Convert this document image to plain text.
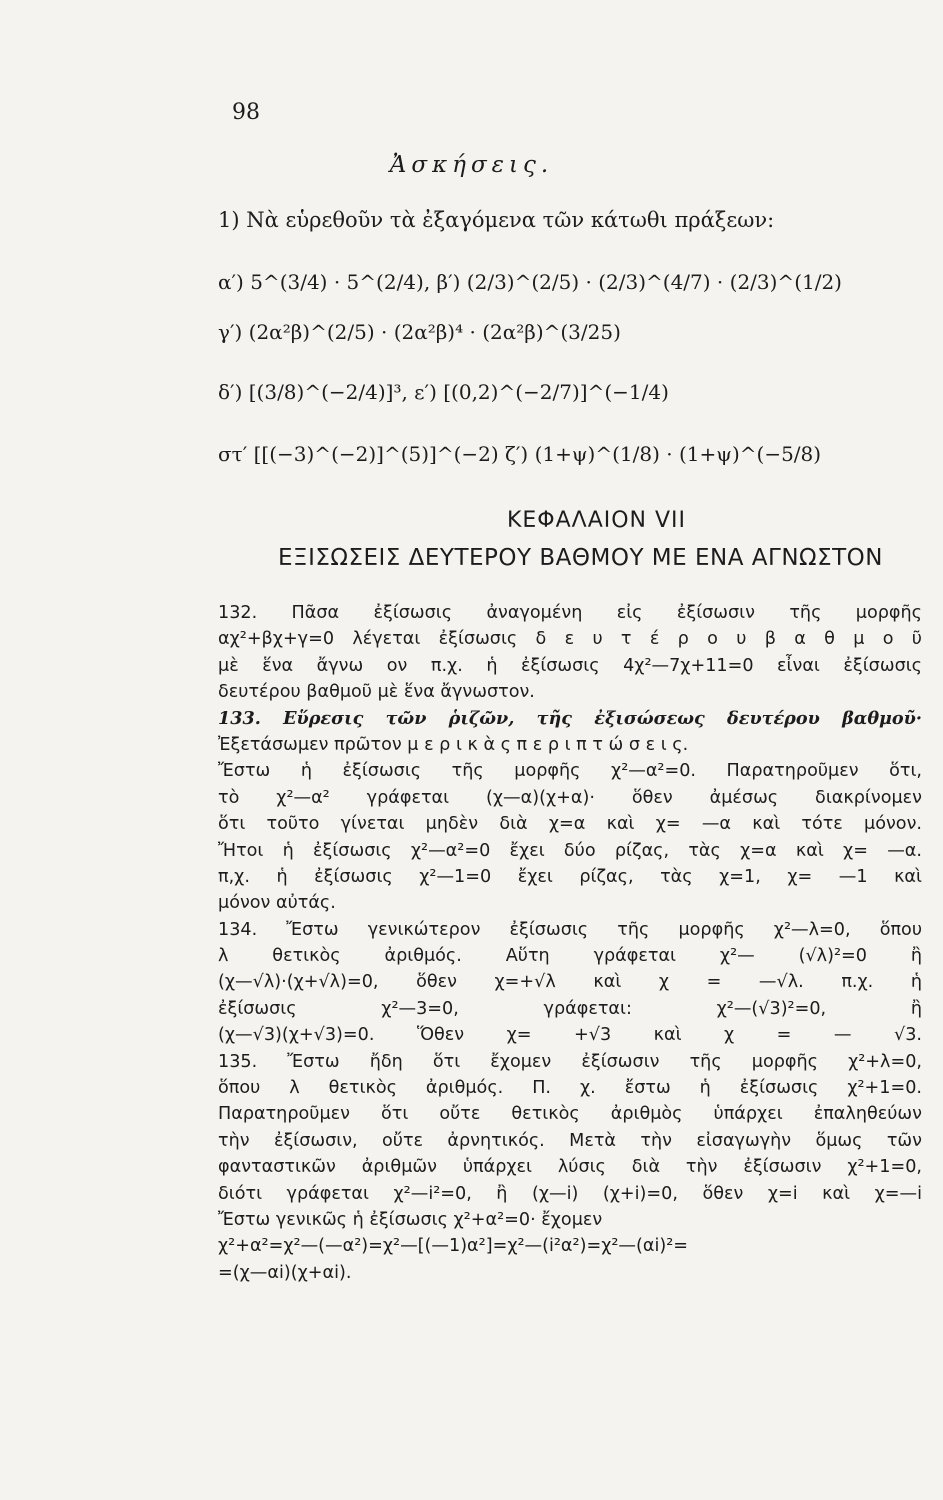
98
Ἀσκήσεις.
1) Νὰ εὑρεθοῦν τὰ ἐξαγόμενα τῶν κάτωθι πράξεων:
α′) 5^(3/4) · 5^(2/4), β′) (2/3)^(2/5) · (2/3)^(4/7) · (2/3)^(1/2)
γ′) (2α²β)^(2/5) · (2α²β)⁴ · (2α²β)^(3/25)
δ′) [(3/8)^(−2/4)]³, ε′) [(0,2)^(−2/7)]^(−1/4)
στ′ [[(−3)^(−2)]^(5)]^(−2) ζ′) (1+ψ)^(1/8) · (1+ψ)^(−5/8)
ΚΕΦΑΛΑΙΟΝ VII
ΕΞΙΣΩΣΕΙΣ ΔΕΥΤΕΡΟΥ ΒΑΘΜΟΥ ΜΕ ΕΝΑ ΑΓΝΩΣΤΟΝ
132. Πᾶσα ἐξίσωσις ἀναγομένη εἰς ἐξίσωσιν τῆς μορφῆς
αχ²+βχ+γ=0 λέγεται ἐξίσωσις δ ε υ τ έ ρ ο υ β α θ μ ο ῦ
μὲ ἕνα ἄγνω ον π.χ. ἡ ἐξίσωσις 4χ²—7χ+11=0 εἶναι ἐξίσωσις
δευτέρου βαθμοῦ μὲ ἕνα ἄγνωστον.
133. Εὕρεσις τῶν ῥιζῶν, τῆς ἐξισώσεως δευτέρου βαθμοῦ·
Ἐξετάσωμεν πρῶτον μ ε ρ ι κ ὰ ς π ε ρ ι π τ ώ σ ε ι ς.
Ἔστω ἡ ἐξίσωσις τῆς μορφῆς χ²—α²=0. Παρατηροῦμεν ὅτι,
τὸ χ²—α² γράφεται (χ—α)(χ+α)· ὅθεν ἀμέσως διακρίνομεν
ὅτι τοῦτο γίνεται μηδὲν διὰ χ=α καὶ χ= —α καὶ τότε μόνον.
Ἤτοι ἡ ἐξίσωσις χ²—α²=0 ἔχει δύο ρίζας, τὰς χ=α καὶ χ= —α.
π,χ. ἡ ἐξίσωσις χ²—1=0 ἔχει ρίζας, τὰς χ=1, χ= —1 καὶ
μόνον αὐτάς.
134. Ἔστω γενικώτερον ἐξίσωσις τῆς μορφῆς χ²—λ=0, ὅπου
λ θετικὸς ἀριθμός. Αὕτη γράφεται χ²— (√λ)²=0 ἢ
(χ—√λ)·(χ+√λ)=0, ὅθεν χ=+√λ καὶ χ = —√λ. π.χ. ἡ
ἐξίσωσις χ²—3=0, γράφεται: χ²—(√3)²=0, ἢ
(χ—√3)(χ+√3)=0. Ὅθεν χ= +√3 καὶ χ = — √3.
135. Ἔστω ἤδη ὅτι ἔχομεν ἐξίσωσιν τῆς μορφῆς χ²+λ=0,
ὅπου λ θετικὸς ἀριθμός. Π. χ. ἔστω ἡ ἐξίσωσις χ²+1=0.
Παρατηροῦμεν ὅτι οὔτε θετικὸς ἀριθμὸς ὑπάρχει ἐπαληθεύων
τὴν ἐξίσωσιν, οὔτε ἀρνητικός. Μετὰ τὴν εἰσαγωγὴν ὅμως τῶν
φανταστικῶν ἀριθμῶν ὑπάρχει λύσις διὰ τὴν ἐξίσωσιν χ²+1=0,
διότι γράφεται χ²—i²=0, ἢ (χ—i) (χ+i)=0, ὅθεν χ=i καὶ χ=—i
Ἔστω γενικῶς ἡ ἐξίσωσις χ²+α²=0· ἔχομεν
χ²+α²=χ²—(—α²)=χ²—[(—1)α²]=χ²—(i²α²)=χ²—(αi)²=
=(χ—αi)(χ+αi).
